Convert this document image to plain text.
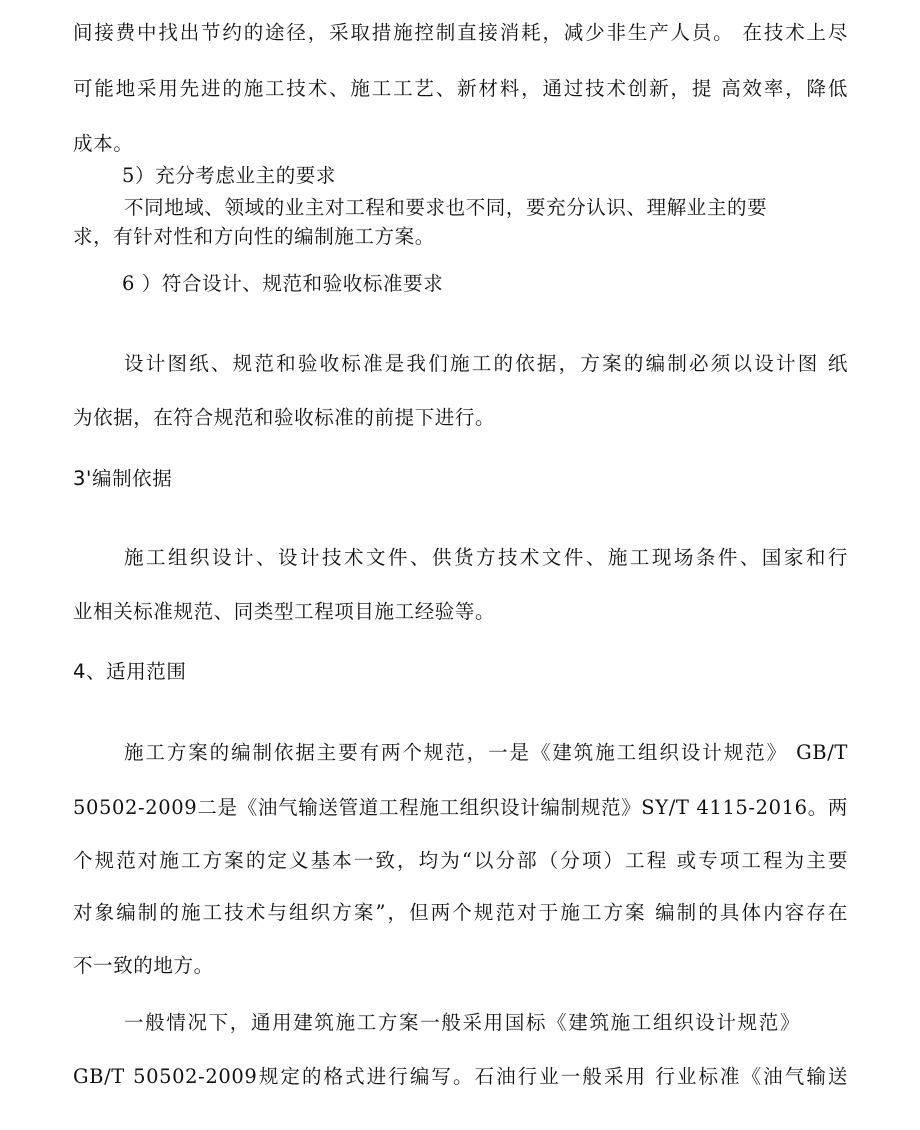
间接费中找出节约的途径，采取措施控制直接消耗，减少非生产人员。 在技术上尽
可能地采用先进的施工技术、施工工艺、新材料，通过技术创新，提 高效率，降低
成本。
5）充分考虑业主的要求
不同地域、领域的业主对工程和要求也不同，要充分认识、理解业主的要
求，有针对性和方向性的编制施工方案。
6 ）符合设计、规范和验收标准要求
设计图纸、规范和验收标准是我们施工的依据，方案的编制必须以设计图 纸
为依据，在符合规范和验收标准的前提下进行。
3'编制依据
施工组织设计、设计技术文件、供货方技术文件、施工现场条件、国家和行
业相关标准规范、同类型工程项目施工经验等。
4、适用范围
施工方案的编制依据主要有两个规范，一是《建筑施工组织设计规范》 GB/T
50502-2009二是《油气输送管道工程施工组织设计编制规范》SY/T 4115-2016。两
个规范对施工方案的定义基本一致，均为“以分部（分项）工程 或专项工程为主要
对象编制的施工技术与组织方案”，但两个规范对于施工方案 编制的具体内容存在
不一致的地方。
一般情况下，通用建筑施工方案一般采用国标《建筑施工组织设计规范》
GB/T 50502-2009规定的格式进行编写。石油行业一般采用 行业标准《油气输送
